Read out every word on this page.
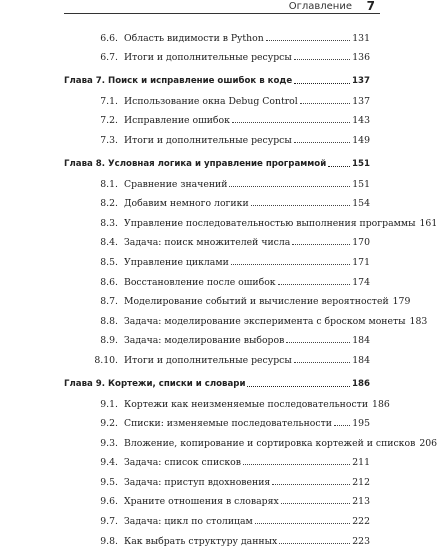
Оглавление 7
6.6. Область видимости в Python	131
6.7. Итоги и дополнительные ресурсы	136
Глава 7. Поиск и исправление ошибок в коде	137
7.1. Использование окна Debug Control	137
7.2. Исправление ошибок	143
7.3. Итоги и дополнительные ресурсы	149
Глава 8. Условная логика и управление программой	151
8.1. Сравнение значений	151
8.2. Добавим немного логики	154
8.3. Управление последовательностью выполнения программы 161
8.4. Задача: поиск множителей числа	170
8.5. Управление циклами	171
8.6. Восстановление после ошибок	174
8.7. Моделирование событий и вычисление вероятностей 179
8.8. Задача: моделирование эксперимента с броском монеты 183
8.9. Задача: моделирование выборов	184
8.10. Итоги и дополнительные ресурсы	184
Глава 9. Кортежи, списки и словари	186
9.1. Кортежи как неизменяемые последовательности 186
9.2. Списки: изменяемые последовательности 195
9.3. Вложение, копирование и сортировка кортежей и списков 206
9.4. Задача: список списков	211
9.5. Задача: приступ вдохновения	212
9.6. Храните отношения в словарях	213
9.7. Задача: цикл по столицам	222
9.8. Как выбрать структуру данных	223
